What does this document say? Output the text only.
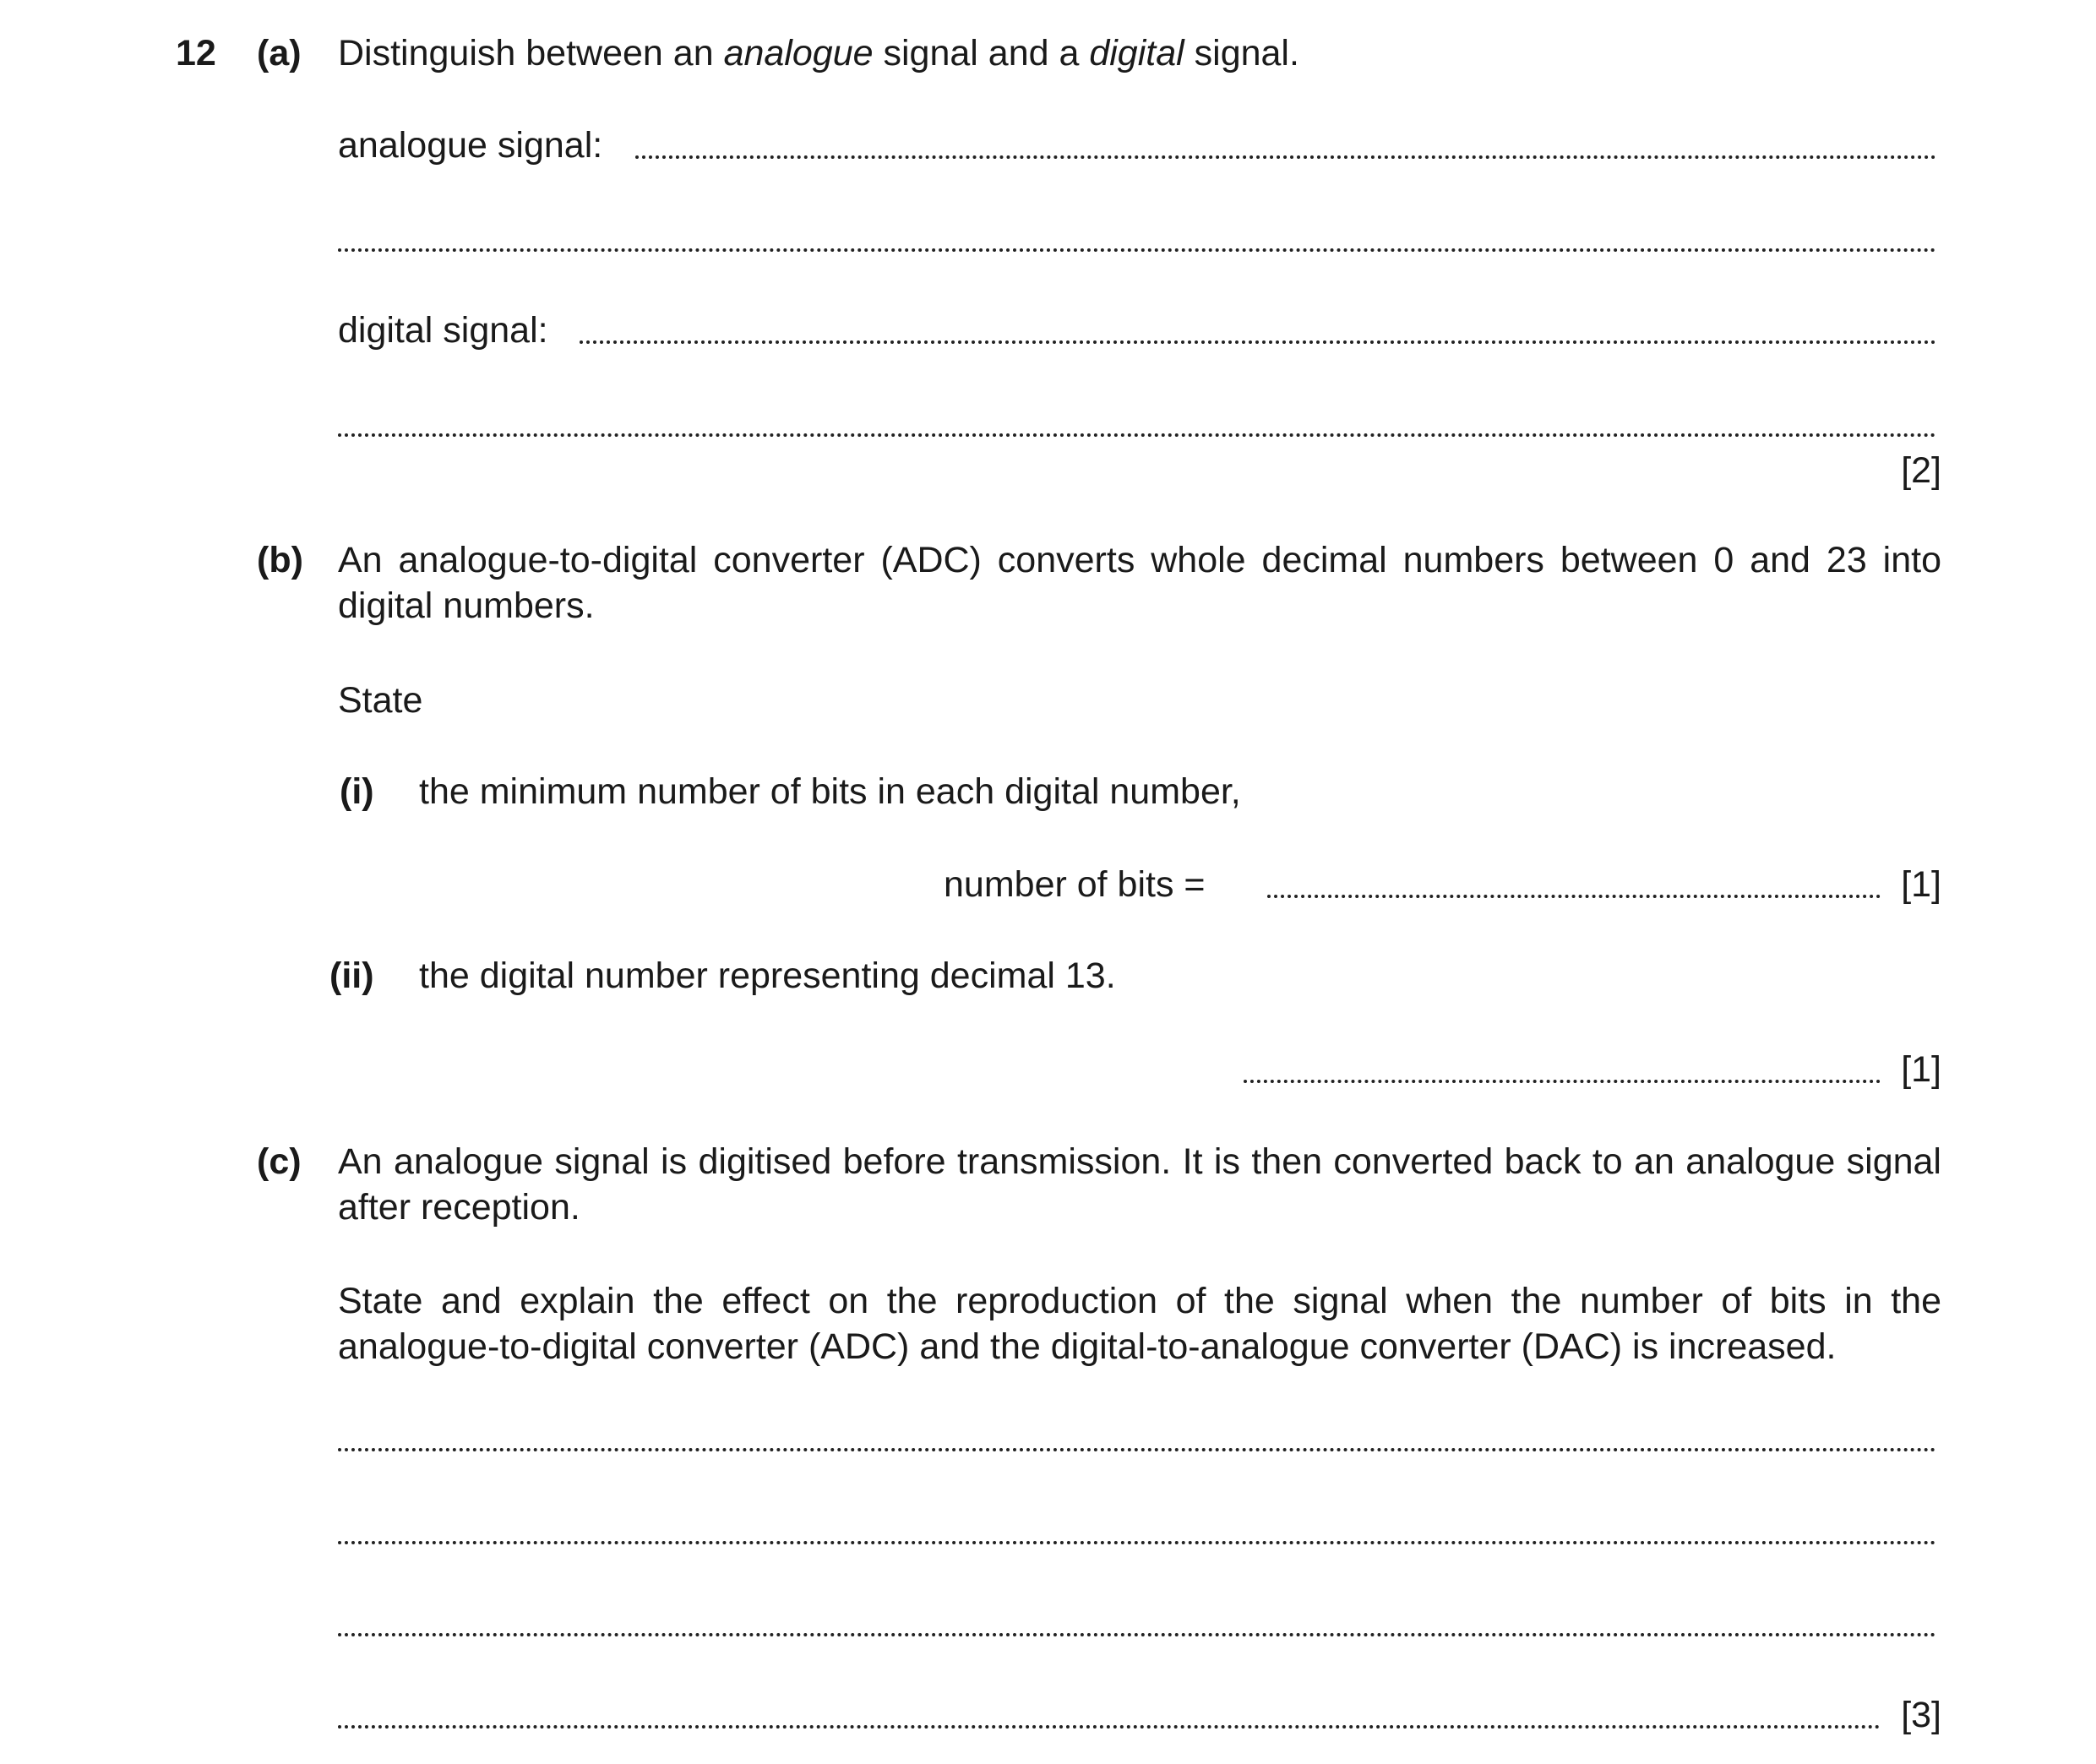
12 (a) Distinguish between an analogue signal and a digital signal.
analogue signal:
digital signal:
[2]
(b) An analogue-to-digital converter (ADC) converts whole decimal numbers between 0 and 23 into digital numbers.
State
(i) the minimum number of bits in each digital number,
number of bits =	[1]
(ii) the digital number representing decimal 13.
[1]
(c) An analogue signal is digitised before transmission. It is then converted back to an analogue signal after reception.
State and explain the effect on the reproduction of the signal when the number of bits in the analogue-to-digital converter (ADC) and the digital-to-analogue converter (DAC) is increased.
[3]
